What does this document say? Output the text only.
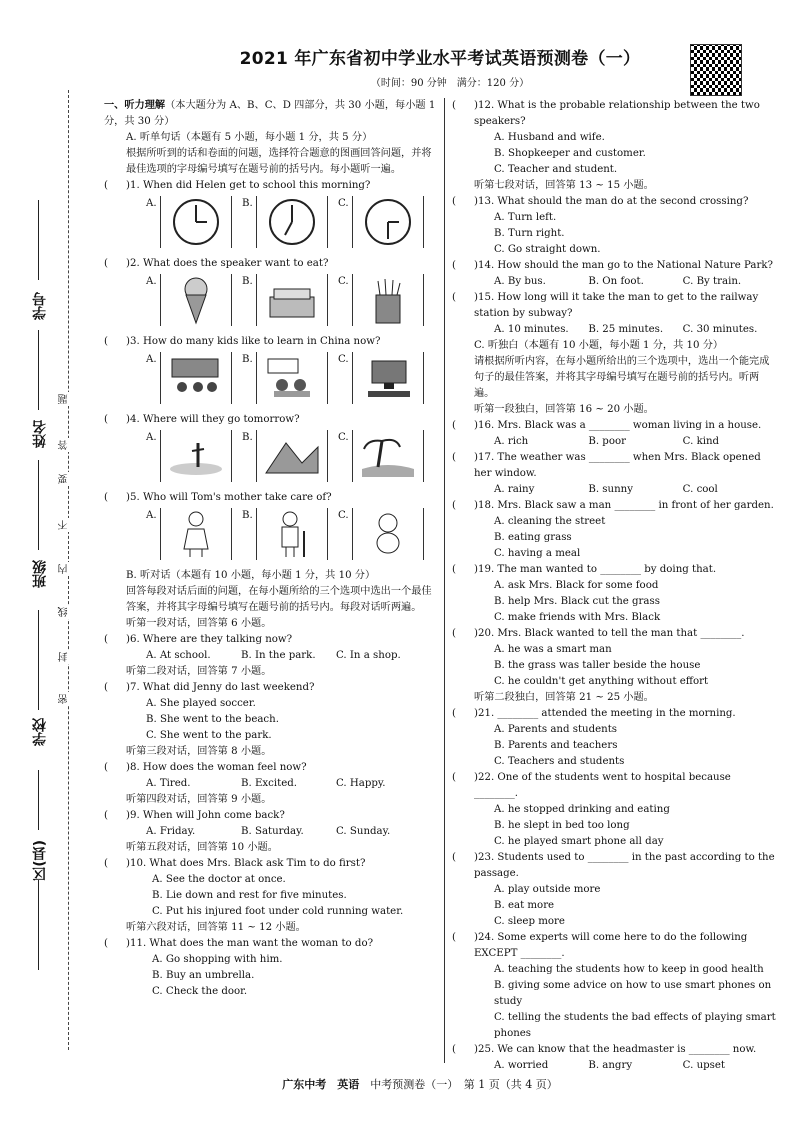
2021 年广东省初中学业水平考试英语预测卷（一）
（时间：90 分钟　满分：120 分）
学号
姓名
班级
学校
区(县)
题
答
要
不
内
线
封
密

一、听力理解（本大题分为 A、B、C、D 四部分，共 30 小题，每小题 1 分，共 30 分）

A. 听单句话（本题有 5 小题，每小题 1 分，共 5 分）

根据所听到的话和卷面的问题，选择符合题意的图画回答问题，并将最佳选项的字母编号填写在题号前的括号内。每小题听一遍。

(	)1. When did Helen get to school this morning?
A.	B.	C.
(	)2. What does the speaker want to eat?
A.	B.	C.
(	)3. How do many kids like to learn in China now?
A.	B.	C.
(	)4. Where will they go tomorrow?
A.	B.	C.
(	)5. Who will Tom's mother take care of?
A.	B.	C.

B. 听对话（本题有 10 小题，每小题 1 分，共 10 分）

回答每段对话后面的问题，在每小题所给的三个选项中选出一个最佳答案，并将其字母编号填写在题号前的括号内。每段对话听两遍。

听第一段对话，回答第 6 小题。

(	)6. Where are they talking now?
A. At school.	B. In the park.	C. In a shop.

听第二段对话，回答第 7 小题。

(	)7. What did Jenny do last weekend?
A. She played soccer.
B. She went to the beach.
C. She went to the park.

听第三段对话，回答第 8 小题。

(	)8. How does the woman feel now?
A. Tired.	B. Excited.	C. Happy.

听第四段对话，回答第 9 小题。

(	)9. When will John come back?
A. Friday.	B. Saturday.	C. Sunday.

听第五段对话，回答第 10 小题。

(	)10. What does Mrs. Black ask Tim to do first?
A. See the doctor at once.
B. Lie down and rest for five minutes.
C. Put his injured foot under cold running water.

听第六段对话，回答第 11 ~ 12 小题。

(	)11. What does the man want the woman to do?
A. Go shopping with him.
B. Buy an umbrella.
C. Check the door.
(	)12. What is the probable relationship between the two speakers?
A. Husband and wife.
B. Shopkeeper and customer.
C. Teacher and student.

听第七段对话，回答第 13 ~ 15 小题。

(	)13. What should the man do at the second crossing?
A. Turn left.
B. Turn right.
C. Go straight down.
(	)14. How should the man go to the National Nature Park?
A. By bus.	B. On foot.	C. By train.
(	)15. How long will it take the man to get to the railway station by subway?
A. 10 minutes.	B. 25 minutes.	C. 30 minutes.

C. 听独白（本题有 10 小题，每小题 1 分，共 10 分）

请根据所听内容，在每小题所给出的三个选项中，选出一个能完成句子的最佳答案，并将其字母编号填写在题号前的括号内。听两遍。

听第一段独白，回答第 16 ~ 20 小题。

(	)16. Mrs. Black was a ________ woman living in a house.
A. rich	B. poor	C. kind
(	)17. The weather was ________ when Mrs. Black opened her window.
A. rainy	B. sunny	C. cool
(	)18. Mrs. Black saw a man ________ in front of her garden.
A. cleaning the street
B. eating grass
C. having a meal
(	)19. The man wanted to ________ by doing that.
A. ask Mrs. Black for some food
B. help Mrs. Black cut the grass
C. make friends with Mrs. Black
(	)20. Mrs. Black wanted to tell the man that ________.
A. he was a smart man
B. the grass was taller beside the house
C. he couldn't get anything without effort

听第二段独白，回答第 21 ~ 25 小题。

(	)21. ________ attended the meeting in the morning.
A. Parents and students
B. Parents and teachers
C. Teachers and students
(	)22. One of the students went to hospital because ________.
A. he stopped drinking and eating
B. he slept in bed too long
C. he played smart phone all day
(	)23. Students used to ________ in the past according to the passage.
A. play outside more
B. eat more
C. sleep more
(	)24. Some experts will come here to do the following EXCEPT ________.
A. teaching the students how to keep in good health
B. giving some advice on how to use smart phones on study
C. telling the students the bad effects of playing smart phones
(	)25. We can know that the headmaster is ________ now.
A. worried	B. angry	C. upset
广东中考　英语　 中考预测卷（一）　第 1 页（共 4 页）
